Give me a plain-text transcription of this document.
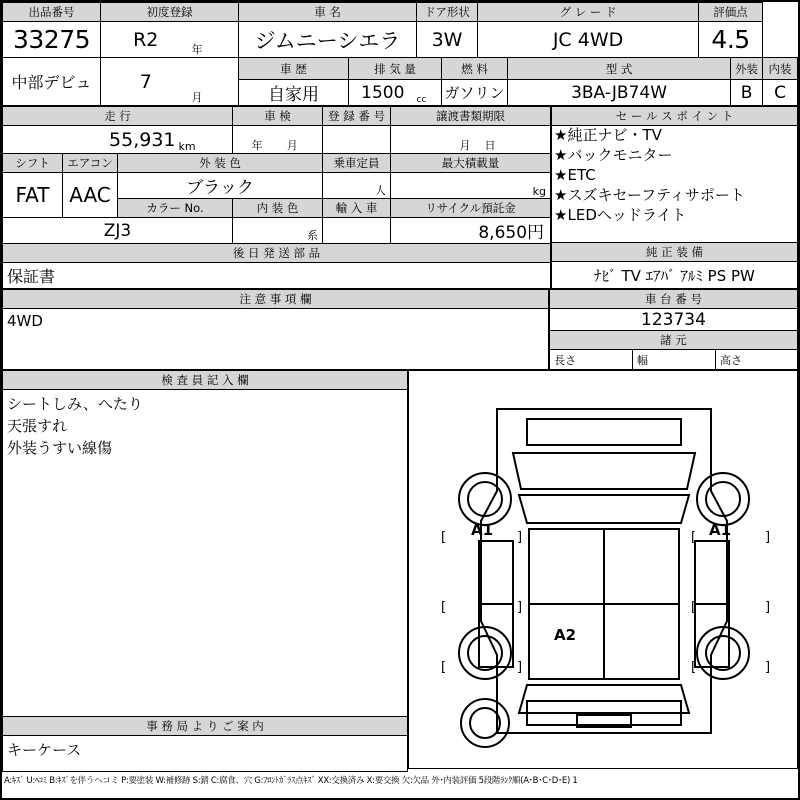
出品番号	初度登録		車 名		ドア形状		グ レ ー ド		評価点		
33275	R2	年	ジムニーシエラ		3W		JC 4WD		4.5		
中部デビュ	7	月	車 歴	排 気 量		燃 料		型 式		外装	内装
			自家用	1500	cc	ガソリン		3BA-JB74W		B	C
走 行				車 検		登 録 番 号	譲渡書類期限	
55,931			km	年	月		月	日
シフト	エアコン	外 装 色				乗車定員	最大積載量	
FAT	AAC	ブラック				人	kg	
		カラー No.		内 装 色		輸 入 車	リサイクル預託金	
ZJ3				系			8,650円	
後 日 発 送 部 品								
保証書								
セ ー ル ス ポ イ ン ト

★純正ナビ・TV
★バックモニター
★ETC
★スズキセーフティサポート
★LEDヘッドライト

純 正 装 備
ﾅﾋﾞ TV ｴｱﾊﾞ ｱﾙﾐ PS PW
注 意 事 項 欄
4WD
車 台 番 号
123734
諸 元
長さ	幅	高さ
検 査 員 記 入 欄

シートしみ、へたり
天張すれ
外装うすい線傷

事 務 局 よ り ご 案 内
キーケース
[	]
[	]
[	]
[	]
[	]
[	]
A1	A1
A2
A:ｷｽﾞ U:ﾍｺﾐ B:ｷｽﾞを伴うヘコミ P:要塗装 W:補修跡 S:錆 C:腐食、穴 G:ﾌﾛﾝﾄｶﾞﾗｽ点ｷｽﾞ XX:交換済み X:要交換 欠:欠品 外･内装評価 5段階ﾗﾝｸ順(A･B･C･D･E) 1
